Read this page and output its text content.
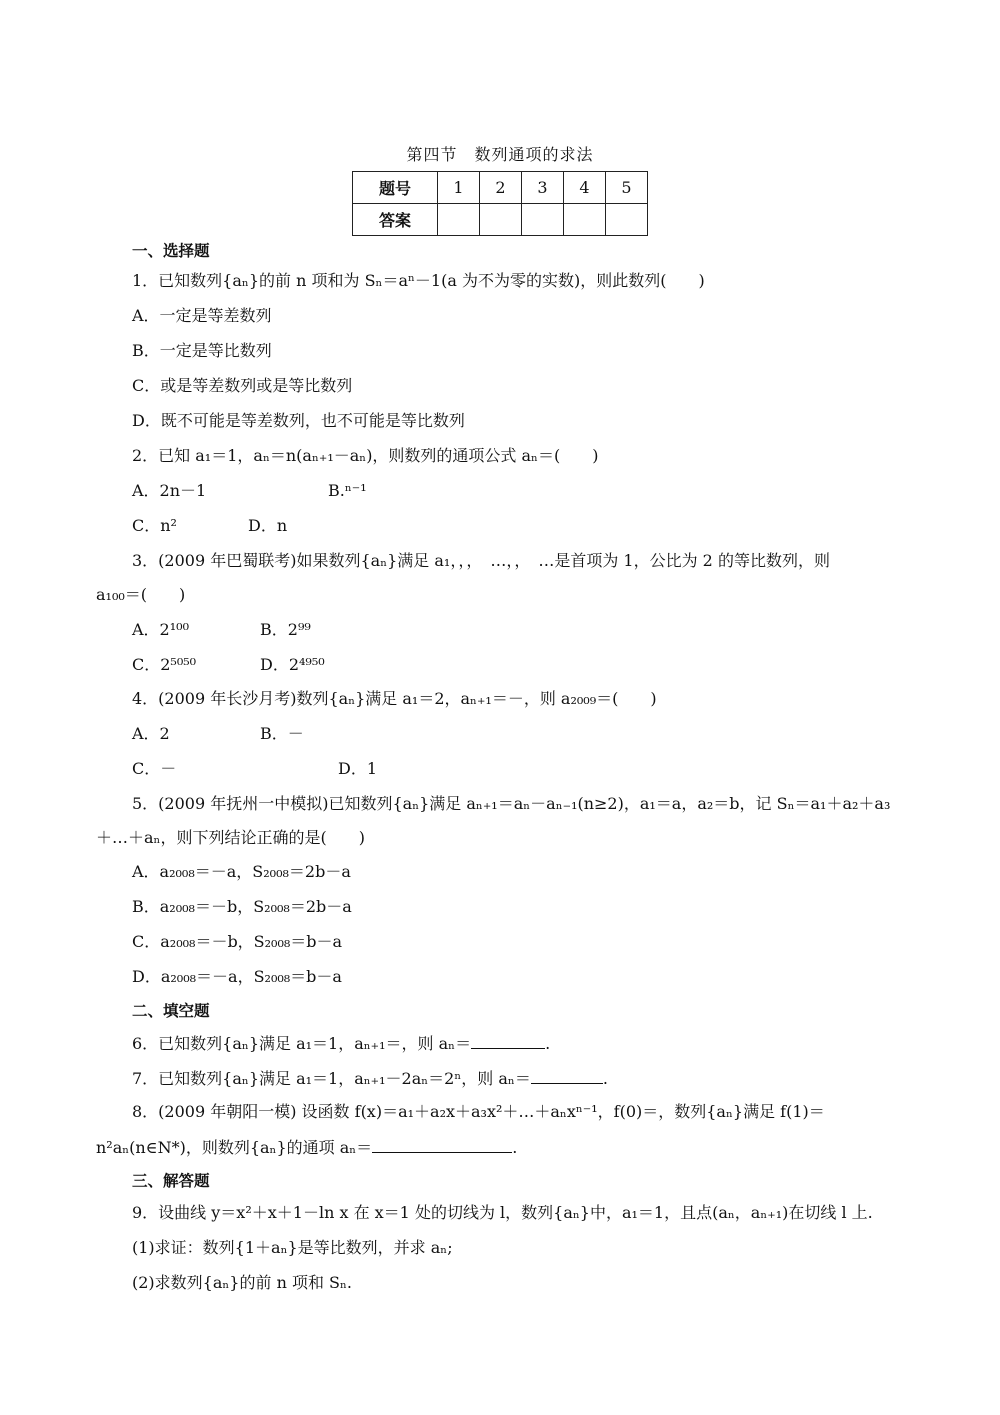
第四节　数列通项的求法
题号	1	2	3	4	5
答案					
一、选择题
1．已知数列{aₙ}的前 n 项和为 Sₙ＝aⁿ－1(a 为不为零的实数)，则此数列(　　)
A．一定是等差数列
B．一定是等比数列
C．或是等差数列或是等比数列
D．既不可能是等差数列，也不可能是等比数列
2．已知 a₁＝1，aₙ＝n(aₙ₊₁－aₙ)，则数列的通项公式 aₙ＝(　　)
A．2n－1	B.ⁿ⁻¹
C．n²	D．n
3．(2009 年巴蜀联考)如果数列{aₙ}满足 a₁，，，　…，，　…是首项为 1，公比为 2 的等比数列，则
a₁₀₀＝(　　)
A．2¹⁰⁰	B．2⁹⁹
C．2⁵⁰⁵⁰	D．2⁴⁹⁵⁰
4．(2009 年长沙月考)数列{aₙ}满足 a₁＝2，aₙ₊₁＝－，则 a₂₀₀₉＝(　　)
A．2	B．－
C．－	D．1
5．(2009 年抚州一中模拟)已知数列{aₙ}满足 aₙ₊₁＝aₙ－aₙ₋₁(n≥2)，a₁＝a，a₂＝b，记 Sₙ＝a₁＋a₂＋a₃
＋…＋aₙ，则下列结论正确的是(　　)
A．a₂₀₀₈＝－a，S₂₀₀₈＝2b－a
B．a₂₀₀₈＝－b，S₂₀₀₈＝2b－a
C．a₂₀₀₈＝－b，S₂₀₀₈＝b－a
D．a₂₀₀₈＝－a，S₂₀₀₈＝b－a
二、填空题
6．已知数列{aₙ}满足 a₁＝1，aₙ₊₁＝，则 aₙ＝	.
7．已知数列{aₙ}满足 a₁＝1，aₙ₊₁－2aₙ＝2ⁿ，则 aₙ＝	.
8．(2009 年朝阳一模) 设函数 f(x)＝a₁＋a₂x＋a₃x²＋…＋aₙxⁿ⁻¹，f(0)＝，数列{aₙ}满足 f(1)＝
n²aₙ(n∈N*)，则数列{aₙ}的通项 aₙ＝	.
三、解答题
9．设曲线 y＝x²＋x＋1－ln x 在 x＝1 处的切线为 l，数列{aₙ}中，a₁＝1，且点(aₙ，aₙ₊₁)在切线 l 上.
(1)求证：数列{1＋aₙ}是等比数列，并求 aₙ;
(2)求数列{aₙ}的前 n 项和 Sₙ.
